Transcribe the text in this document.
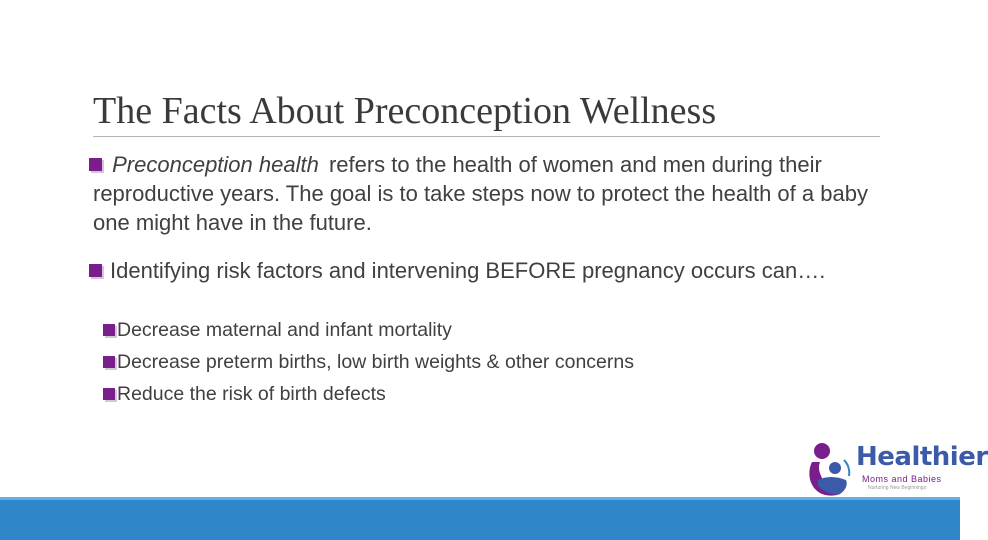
The Facts About Preconception Wellness

Preconception health refers to the health of women and men during their reproductive years. The goal is to take steps now to protect the health of a baby one might have in the future.

Identifying risk factors and intervening BEFORE pregnancy occurs can….

Decrease maternal and infant mortality

Decrease preterm births, low birth weights & other concerns

Reduce the risk of birth defects

Healthier
Moms and Babies
Nurturing New Beginnings
